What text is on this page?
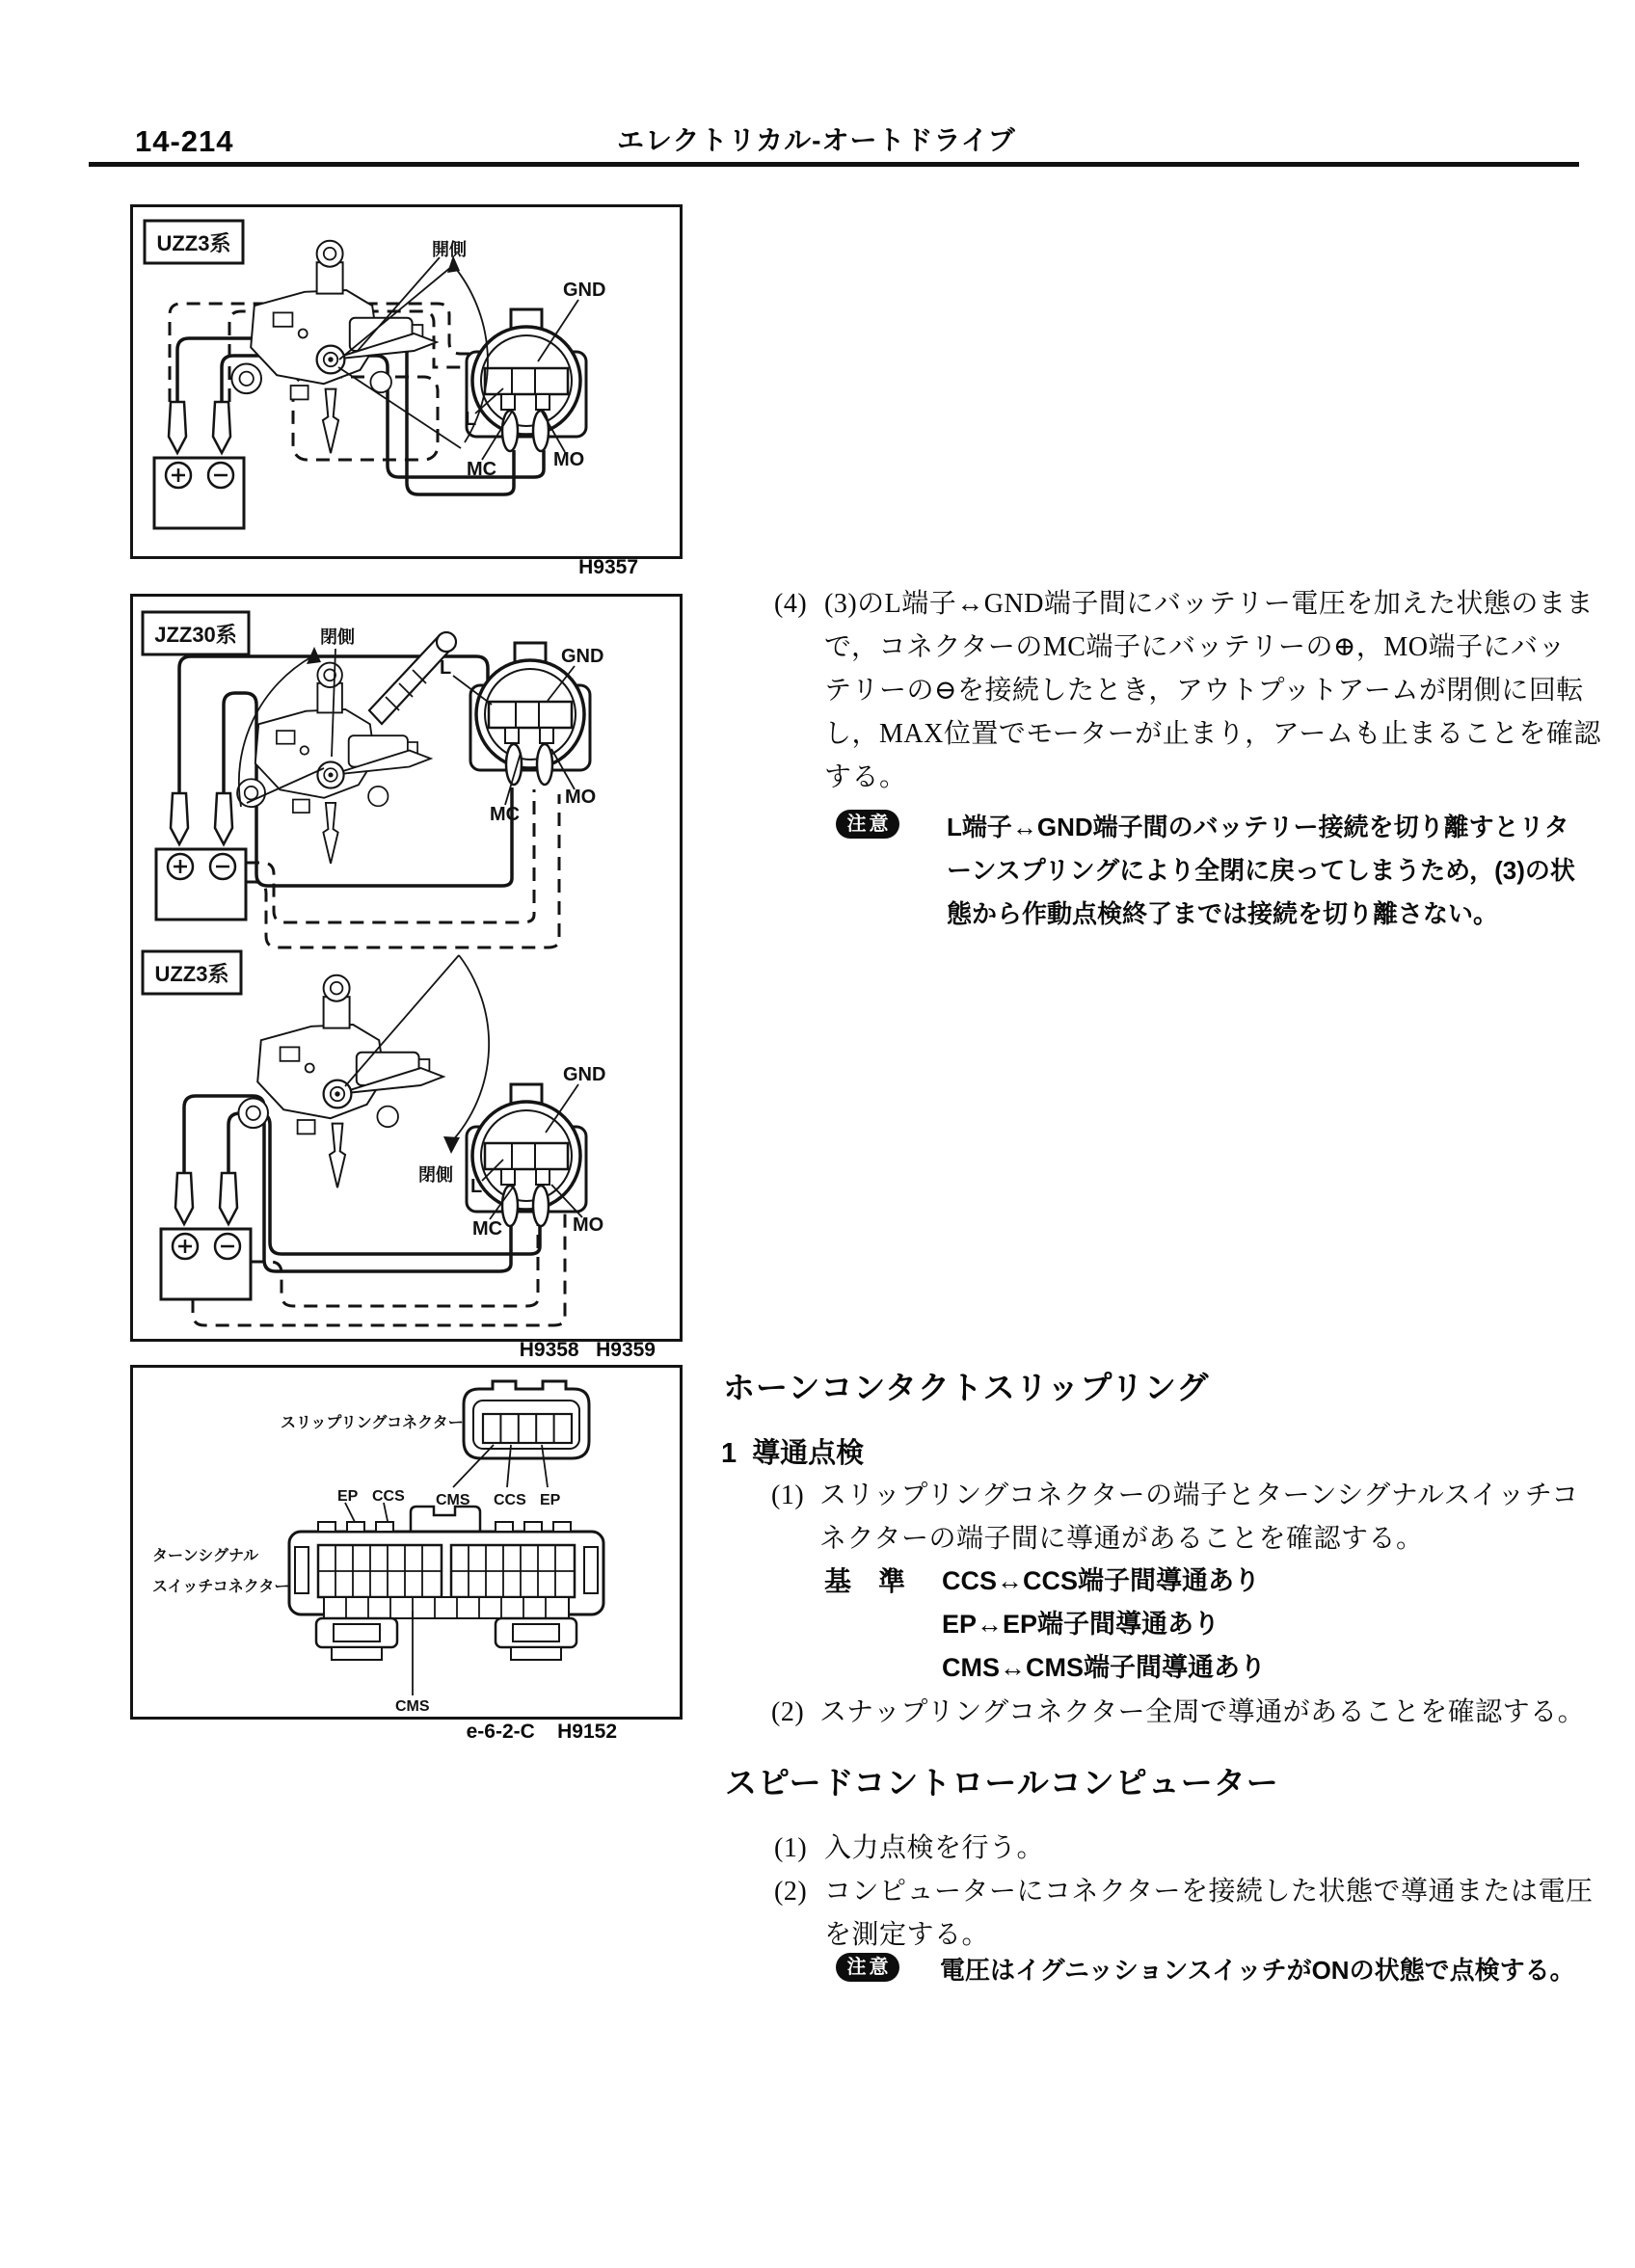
14-214	エレクトリカル-オートドライブ
UZZ3系	開側
GND
L
MC	MO
H9357
JZZ30系	閉側
L
GND
MC
MO
UZZ3系
GND
閉側
L
MC	MO
H9358   H9359
スリップリングコネクター
EP CCS CMS CCS EP
ターンシグナル
スイッチコネクター
CMS
e-6-2-C    H9152
(4) (3)のL端子↔GND端子間にバッテリー電圧を加えた状態のまま
で，コネクターのMC端子にバッテリーの⊕，MO端子にバッ
テリーの⊖を接続したとき，アウトプットアームが閉側に回転
し，MAX位置でモーターが止まり，アームも止まることを確認
する。
注意	L端子↔GND端子間のバッテリー接続を切り離すとリタ
ーンスプリングにより全閉に戻ってしまうため，(3)の状
態から作動点検終了までは接続を切り離さない。
ホーンコンタクトスリップリング
1 導通点検
(1) スリップリングコネクターの端子とターンシグナルスイッチコ
ネクターの端子間に導通があることを確認する。
基　準 CCS↔CCS端子間導通あり
EP↔EP端子間導通あり
CMS↔CMS端子間導通あり
(2) スナップリングコネクター全周で導通があることを確認する。
スピードコントロールコンピューター
(1) 入力点検を行う。
(2) コンピューターにコネクターを接続した状態で導通または電圧
を測定する。
注意	電圧はイグニッションスイッチがONの状態で点検する。
